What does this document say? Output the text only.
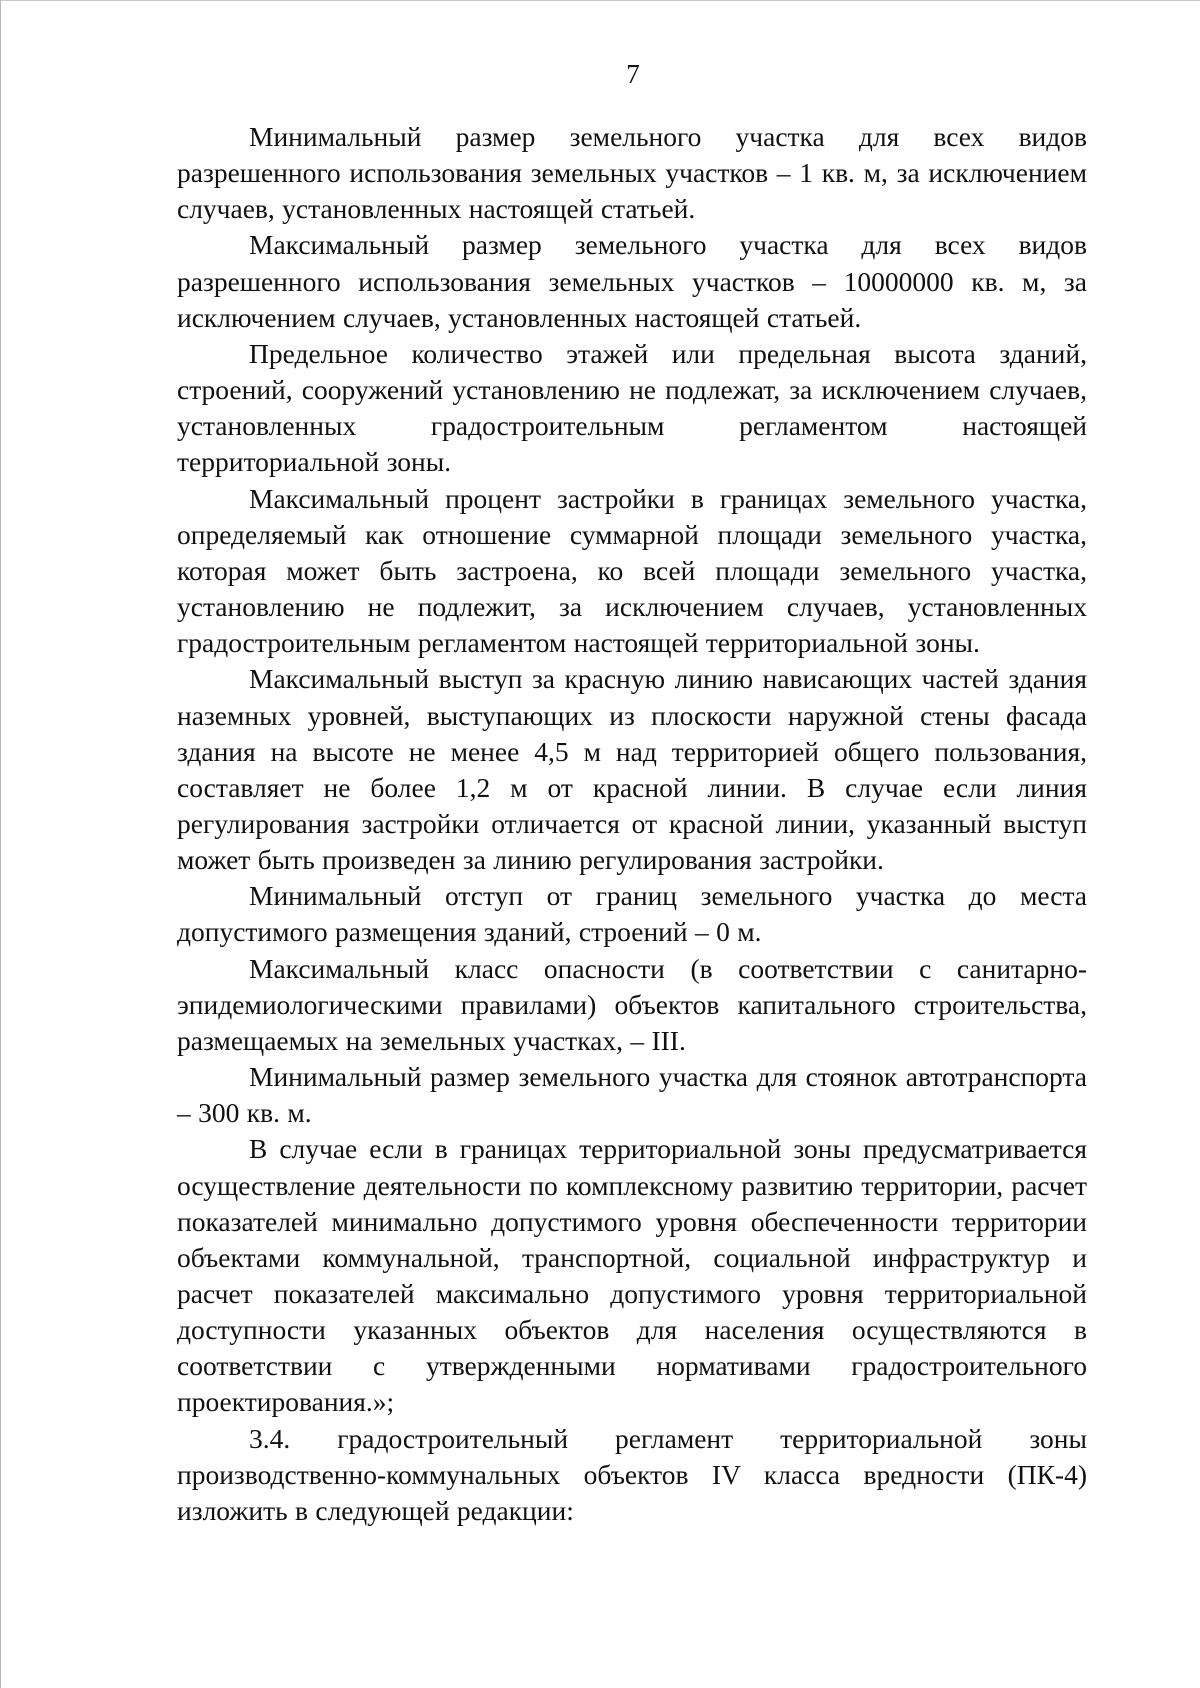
7

Минимальный размер земельного участка для всех видов разрешенного использования земельных участков – 1 кв. м, за исключением случаев, установленных настоящей статьей.

Максимальный размер земельного участка для всех видов разрешенного использования земельных участков – 10000000 кв. м, за исключением случаев, установленных настоящей статьей.

Предельное количество этажей или предельная высота зданий, строений, сооружений установлению не подлежат, за исключением случаев, установленных градостроительным регламентом настоящей территориальной зоны.

Максимальный процент застройки в границах земельного участка, определяемый как отношение суммарной площади земельного участка, которая может быть застроена, ко всей площади земельного участка, установлению не подлежит, за исключением случаев, установленных градостроительным регламентом настоящей территориальной зоны.

Максимальный выступ за красную линию нависающих частей здания наземных уровней, выступающих из плоскости наружной стены фасада здания на высоте не менее 4,5 м над территорией общего пользования, составляет не более 1,2 м от красной линии. В случае если линия регулирования застройки отличается от красной линии, указанный выступ может быть произведен за линию регулирования застройки.

Минимальный отступ от границ земельного участка до места допустимого размещения зданий, строений – 0 м.

Максимальный класс опасности (в соответствии с санитарно-эпидемиологическими правилами) объектов капитального строительства, размещаемых на земельных участках, – III.

Минимальный размер земельного участка для стоянок автотранспорта – 300 кв. м.

В случае если в границах территориальной зоны предусматривается осуществление деятельности по комплексному развитию территории, расчет показателей минимально допустимого уровня обеспеченности территории объектами коммунальной, транспортной, социальной инфраструктур и расчет показателей максимально допустимого уровня территориальной доступности указанных объектов для населения осуществляются в соответствии с утвержденными нормативами градостроительного проектирования.»;

3.4. градостроительный регламент территориальной зоны производственно-коммунальных объектов IV класса вредности (ПК-4) изложить в следующей редакции:
